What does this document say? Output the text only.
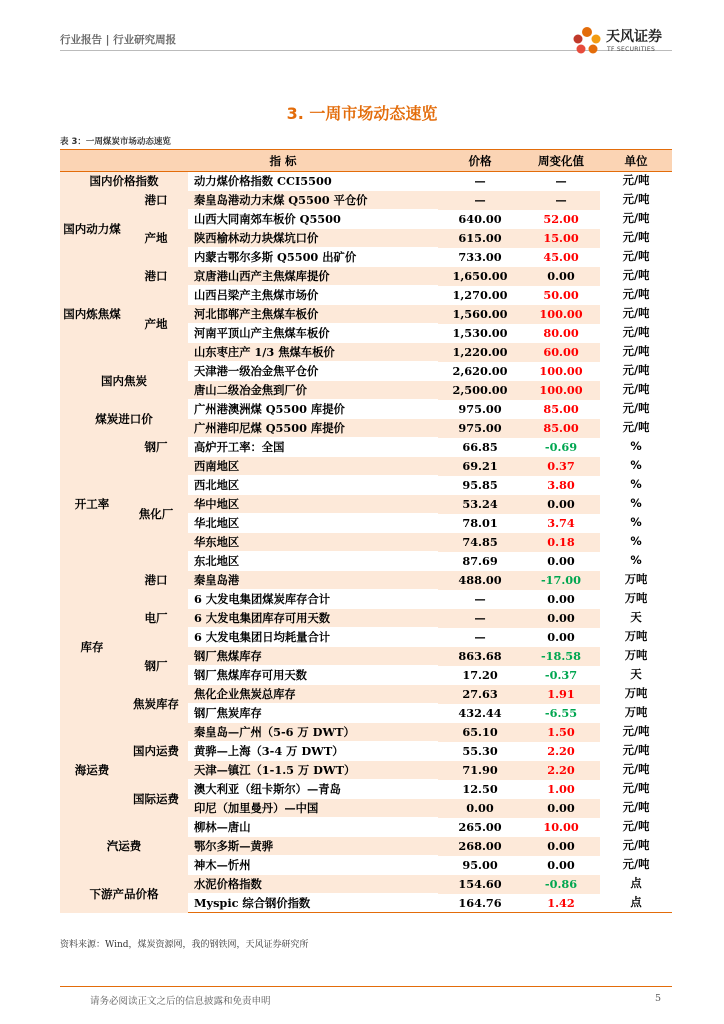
行业报告 | 行业研究周报	天风证券
TF SECURITIES
3. 一周市场动态速览
表 3：一周煤炭市场动态速览
指 标			价格	周变化值	单位
国内价格指数		动力煤价格指数 CCI5500	—	—	元/吨
国内动力煤	港口	秦皇岛港动力末煤 Q5500 平仓价	—	—	元/吨
	产地	山西大同南郊车板价 Q5500	640.00	52.00	元/吨
		陕西榆林动力块煤坑口价	615.00	15.00	元/吨
		内蒙古鄂尔多斯 Q5500 出矿价	733.00	45.00	元/吨
国内炼焦煤	港口	京唐港山西产主焦煤库提价	1,650.00	0.00	元/吨
	产地	山西吕梁产主焦煤市场价	1,270.00	50.00	元/吨
		河北邯郸产主焦煤车板价	1,560.00	100.00	元/吨
		河南平顶山产主焦煤车板价	1,530.00	80.00	元/吨
		山东枣庄产 1/3 焦煤车板价	1,220.00	60.00	元/吨
国内焦炭		天津港一级冶金焦平仓价	2,620.00	100.00	元/吨
		唐山二级冶金焦到厂价	2,500.00	100.00	元/吨
煤炭进口价		广州港澳洲煤 Q5500 库提价	975.00	85.00	元/吨
		广州港印尼煤 Q5500 库提价	975.00	85.00	元/吨
开工率	钢厂	高炉开工率：全国	66.85	-0.69	%
	焦化厂	西南地区	69.21	0.37	%
		西北地区	95.85	3.80	%
		华中地区	53.24	0.00	%
		华北地区	78.01	3.74	%
		华东地区	74.85	0.18	%
		东北地区	87.69	0.00	%
库存	港口	秦皇岛港	488.00	-17.00	万吨
	电厂	6 大发电集团煤炭库存合计	—	0.00	万吨
		6 大发电集团库存可用天数	—	0.00	天
		6 大发电集团日均耗量合计	—	0.00	万吨
	钢厂	钢厂焦煤库存	863.68	-18.58	万吨
		钢厂焦煤库存可用天数	17.20	-0.37	天
	焦炭库存	焦化企业焦炭总库存	27.63	1.91	万吨
		钢厂焦炭库存	432.44	-6.55	万吨
海运费	国内运费	秦皇岛—广州（5-6 万 DWT）	65.10	1.50	元/吨
		黄骅—上海（3-4 万 DWT）	55.30	2.20	元/吨
		天津—镇江（1-1.5 万 DWT）	71.90	2.20	元/吨
	国际运费	澳大利亚（纽卡斯尔）—青岛	12.50	1.00	元/吨
		印尼（加里曼丹）—中国	0.00	0.00	元/吨
汽运费		柳林—唐山	265.00	10.00	元/吨
		鄂尔多斯—黄骅	268.00	0.00	元/吨
		神木—忻州	95.00	0.00	元/吨
下游产品价格		水泥价格指数	154.60	-0.86	点
		Myspic 综合钢价指数	164.76	1.42	点
资料来源：Wind，煤炭资源网，我的钢铁网，天风证券研究所
请务必阅读正文之后的信息披露和免责申明	5
